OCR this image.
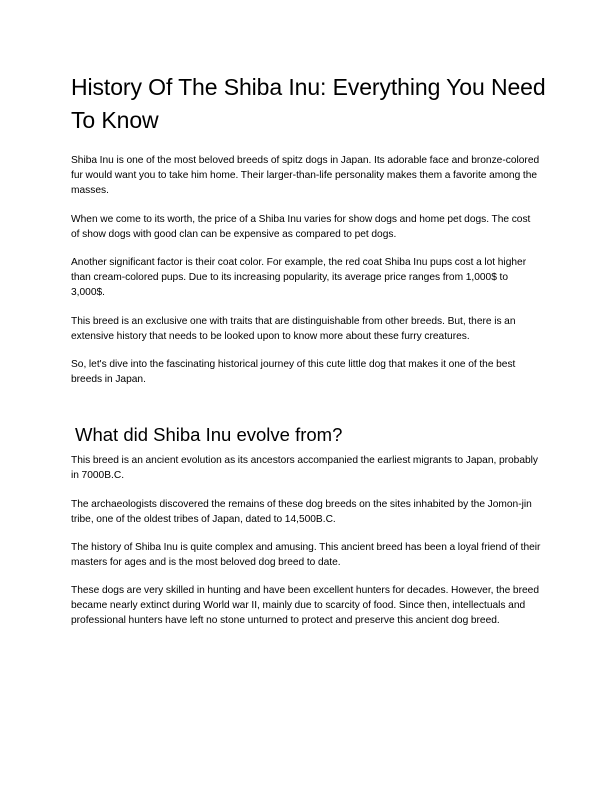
History Of The Shiba Inu: Everything You Need To Know

Shiba Inu is one of the most beloved breeds of spitz dogs in Japan. Its adorable face and bronze-colored fur would want you to take him home. Their larger-than-life personality makes them a favorite among the masses.

When we come to its worth, the price of a Shiba Inu varies for show dogs and home pet dogs. The cost of show dogs with good clan can be expensive as compared to pet dogs.

Another significant factor is their coat color. For example, the red coat Shiba Inu pups cost a lot higher than cream-colored pups. Due to its increasing popularity, its average price ranges from 1,000$ to 3,000$.

This breed is an exclusive one with traits that are distinguishable from other breeds. But, there is an extensive history that needs to be looked upon to know more about these furry creatures.

So, let's dive into the fascinating historical journey of this cute little dog that makes it one of the best breeds in Japan.

What did Shiba Inu evolve from?

This breed is an ancient evolution as its ancestors accompanied the earliest migrants to Japan, probably in 7000B.C.

The archaeologists discovered the remains of these dog breeds on the sites inhabited by the Jomon-jin tribe, one of the oldest tribes of Japan, dated to 14,500B.C.

The history of Shiba Inu is quite complex and amusing. This ancient breed has been a loyal friend of their masters for ages and is the most beloved dog breed to date.

These dogs are very skilled in hunting and have been excellent hunters for decades. However, the breed became nearly extinct during World war II, mainly due to scarcity of food. Since then, intellectuals and professional hunters have left no stone unturned to protect and preserve this ancient dog breed.
